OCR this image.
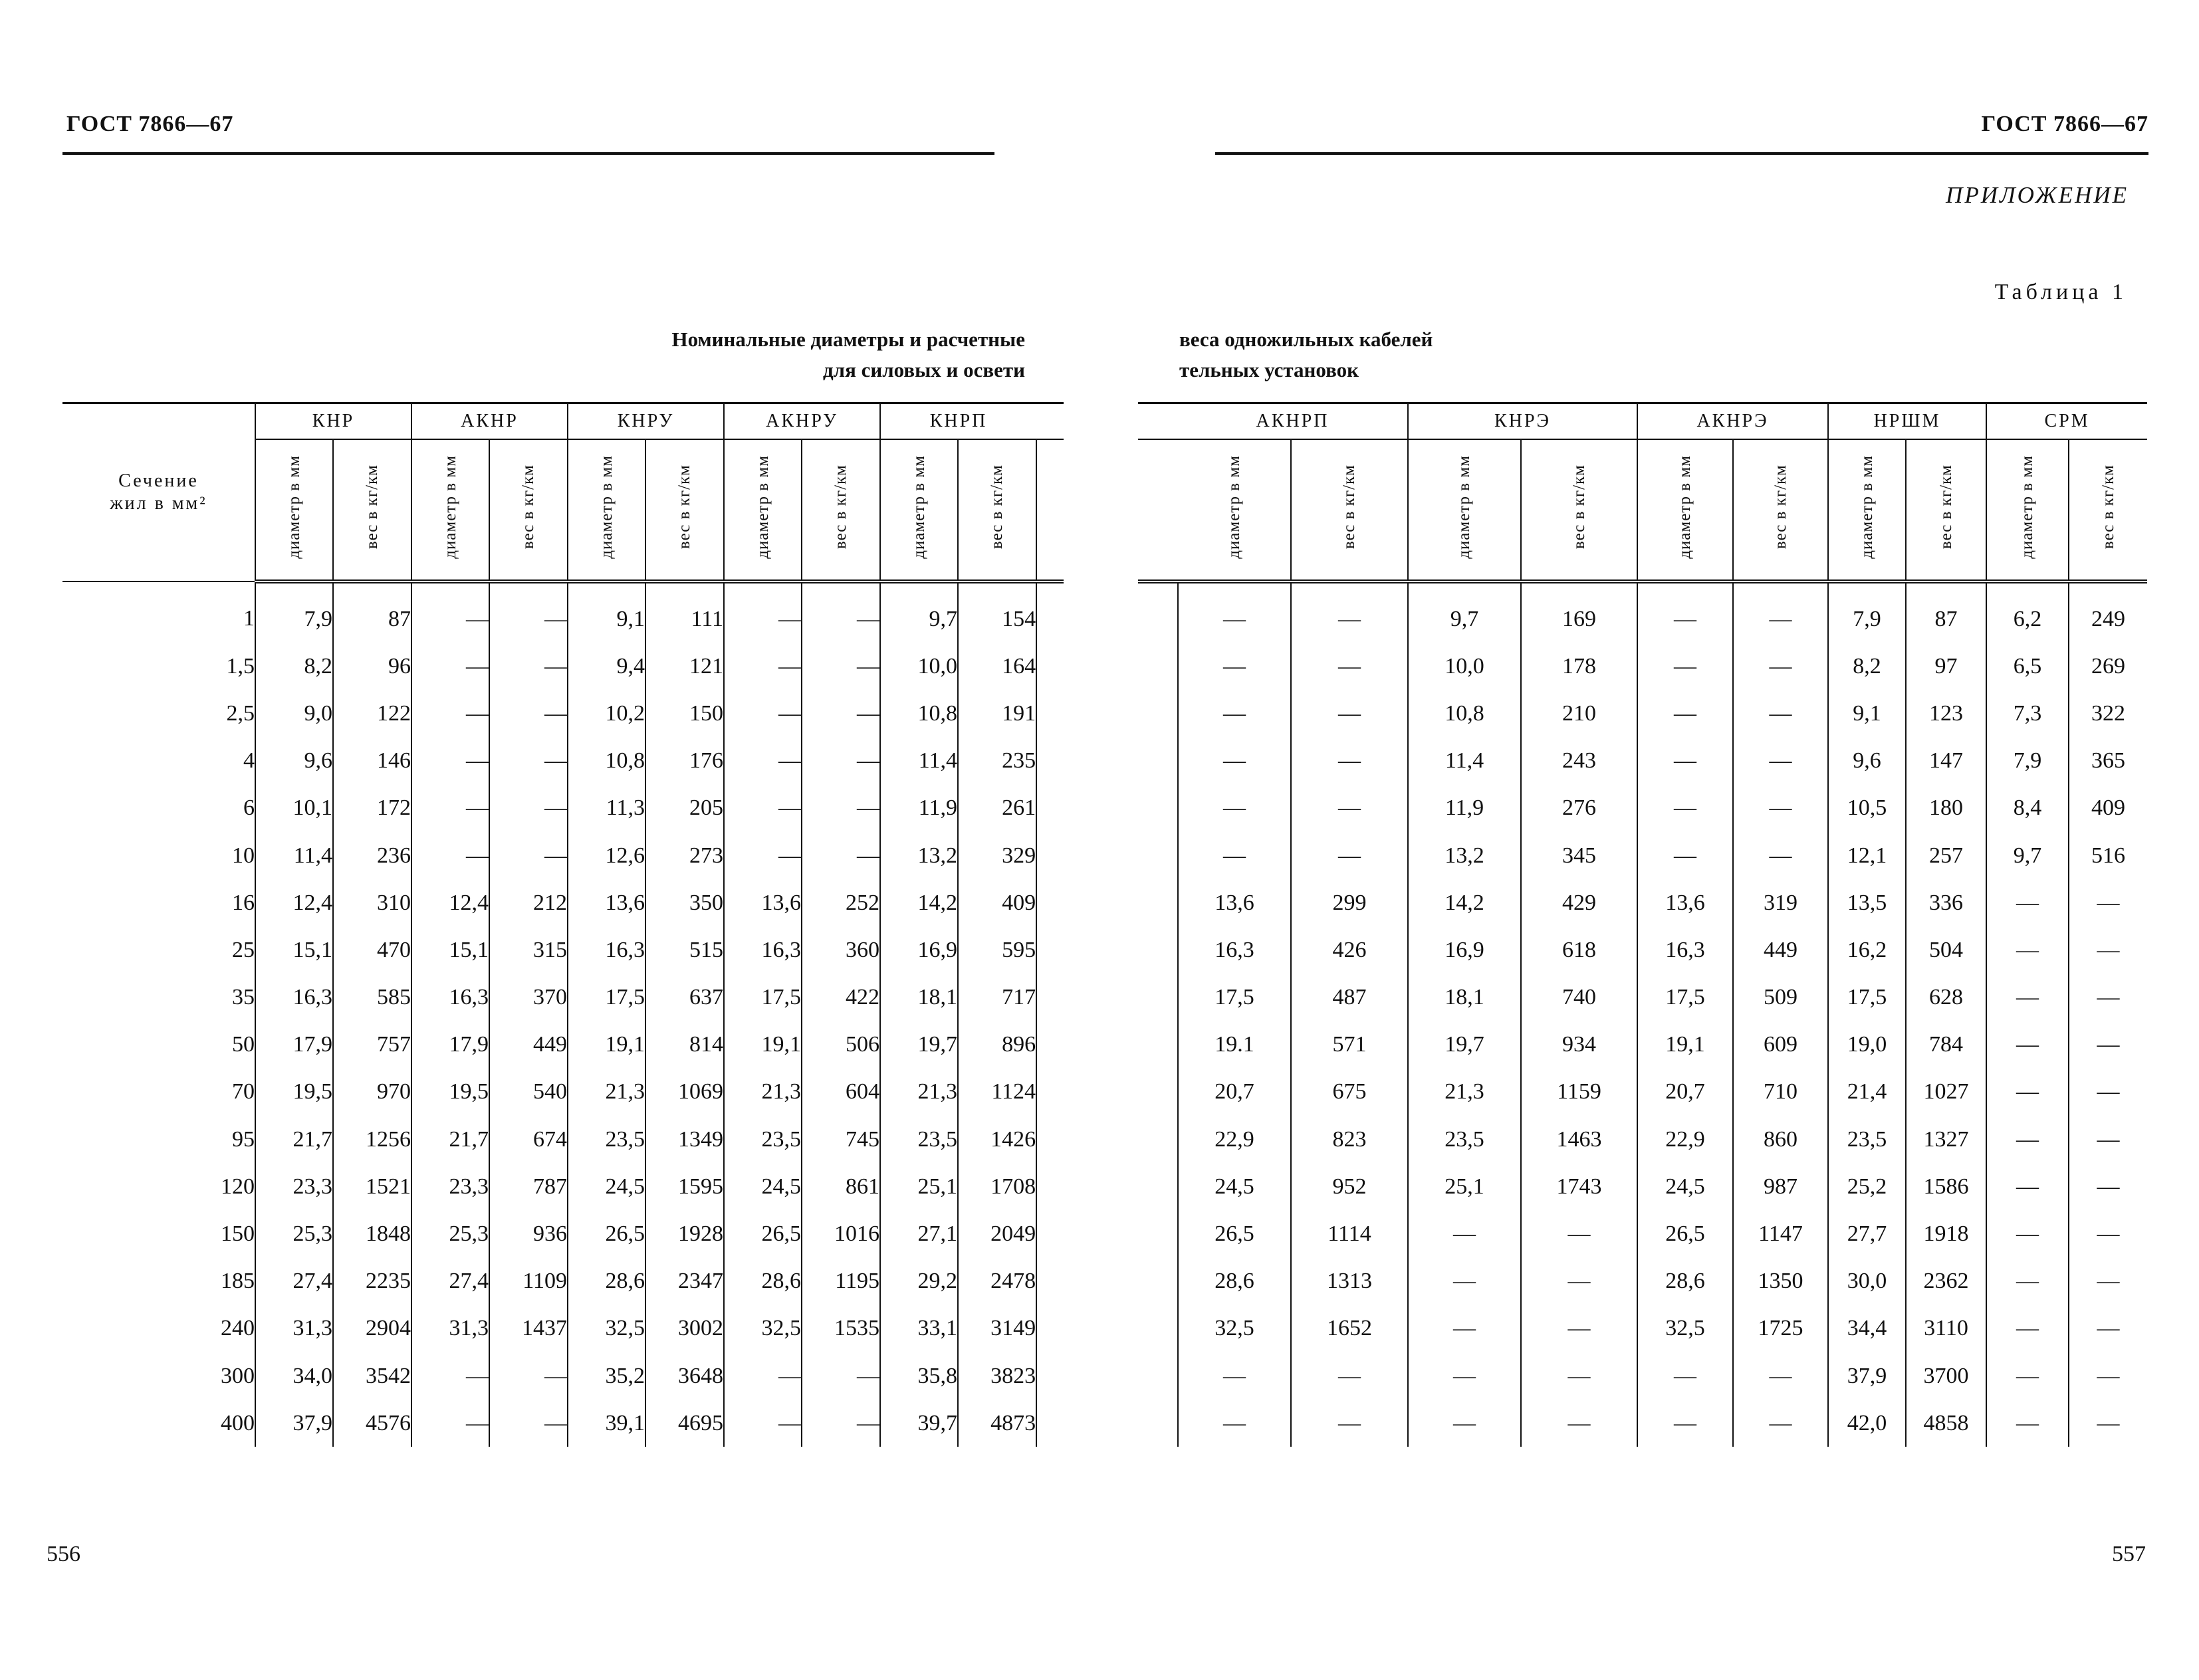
ГОСТ 7866—67
Номинальные диаметры и расчетные
для силовых и освети
Сечение
жил в мм²	КНР		АКНР		КНРУ		АКНРУ		КНРП		
	диаметр в мм	вес в кг/км	диаметр в мм	вес в кг/км	диаметр в мм	вес в кг/км	диаметр в мм	вес в кг/км	диаметр в мм	вес в кг/км	
1	7,9	87	—	—	9,1	111	—	—	9,7	154	
1,5	8,2	96	—	—	9,4	121	—	—	10,0	164	
2,5	9,0	122	—	—	10,2	150	—	—	10,8	191	
4	9,6	146	—	—	10,8	176	—	—	11,4	235	
6	10,1	172	—	—	11,3	205	—	—	11,9	261	
10	11,4	236	—	—	12,6	273	—	—	13,2	329	
16	12,4	310	12,4	212	13,6	350	13,6	252	14,2	409	
25	15,1	470	15,1	315	16,3	515	16,3	360	16,9	595	
35	16,3	585	16,3	370	17,5	637	17,5	422	18,1	717	
50	17,9	757	17,9	449	19,1	814	19,1	506	19,7	896	
70	19,5	970	19,5	540	21,3	1069	21,3	604	21,3	1124	
95	21,7	1256	21,7	674	23,5	1349	23,5	745	23,5	1426	
120	23,3	1521	23,3	787	24,5	1595	24,5	861	25,1	1708	
150	25,3	1848	25,3	936	26,5	1928	26,5	1016	27,1	2049	
185	27,4	2235	27,4	1109	28,6	2347	28,6	1195	29,2	2478	
240	31,3	2904	31,3	1437	32,5	3002	32,5	1535	33,1	3149	
300	34,0	3542	—	—	35,2	3648	—	—	35,8	3823	
400	37,9	4576	—	—	39,1	4695	—	—	39,7	4873	
556
ГОСТ 7866—67
ПРИЛОЖЕНИЕ
Таблица 1
веса одножильных кабелей
тельных установок
	АКНРП		КНРЭ		АКНРЭ		НРШМ		СРМ	
	диаметр в мм	вес в кг/км	диаметр в мм	вес в кг/км	диаметр в мм	вес в кг/км	диаметр в мм	вес в кг/км	диаметр в мм	вес в кг/км
	—	—	9,7	169	—	—	7,9	87	6,2	249
	—	—	10,0	178	—	—	8,2	97	6,5	269
	—	—	10,8	210	—	—	9,1	123	7,3	322
	—	—	11,4	243	—	—	9,6	147	7,9	365
	—	—	11,9	276	—	—	10,5	180	8,4	409
	—	—	13,2	345	—	—	12,1	257	9,7	516
	13,6	299	14,2	429	13,6	319	13,5	336	—	—
	16,3	426	16,9	618	16,3	449	16,2	504	—	—
	17,5	487	18,1	740	17,5	509	17,5	628	—	—
	19.1	571	19,7	934	19,1	609	19,0	784	—	—
	20,7	675	21,3	1159	20,7	710	21,4	1027	—	—
	22,9	823	23,5	1463	22,9	860	23,5	1327	—	—
	24,5	952	25,1	1743	24,5	987	25,2	1586	—	—
	26,5	1114	—	—	26,5	1147	27,7	1918	—	—
	28,6	1313	—	—	28,6	1350	30,0	2362	—	—
	32,5	1652	—	—	32,5	1725	34,4	3110	—	—
	—	—	—	—	—	—	37,9	3700	—	—
	—	—	—	—	—	—	42,0	4858	—	—
557
